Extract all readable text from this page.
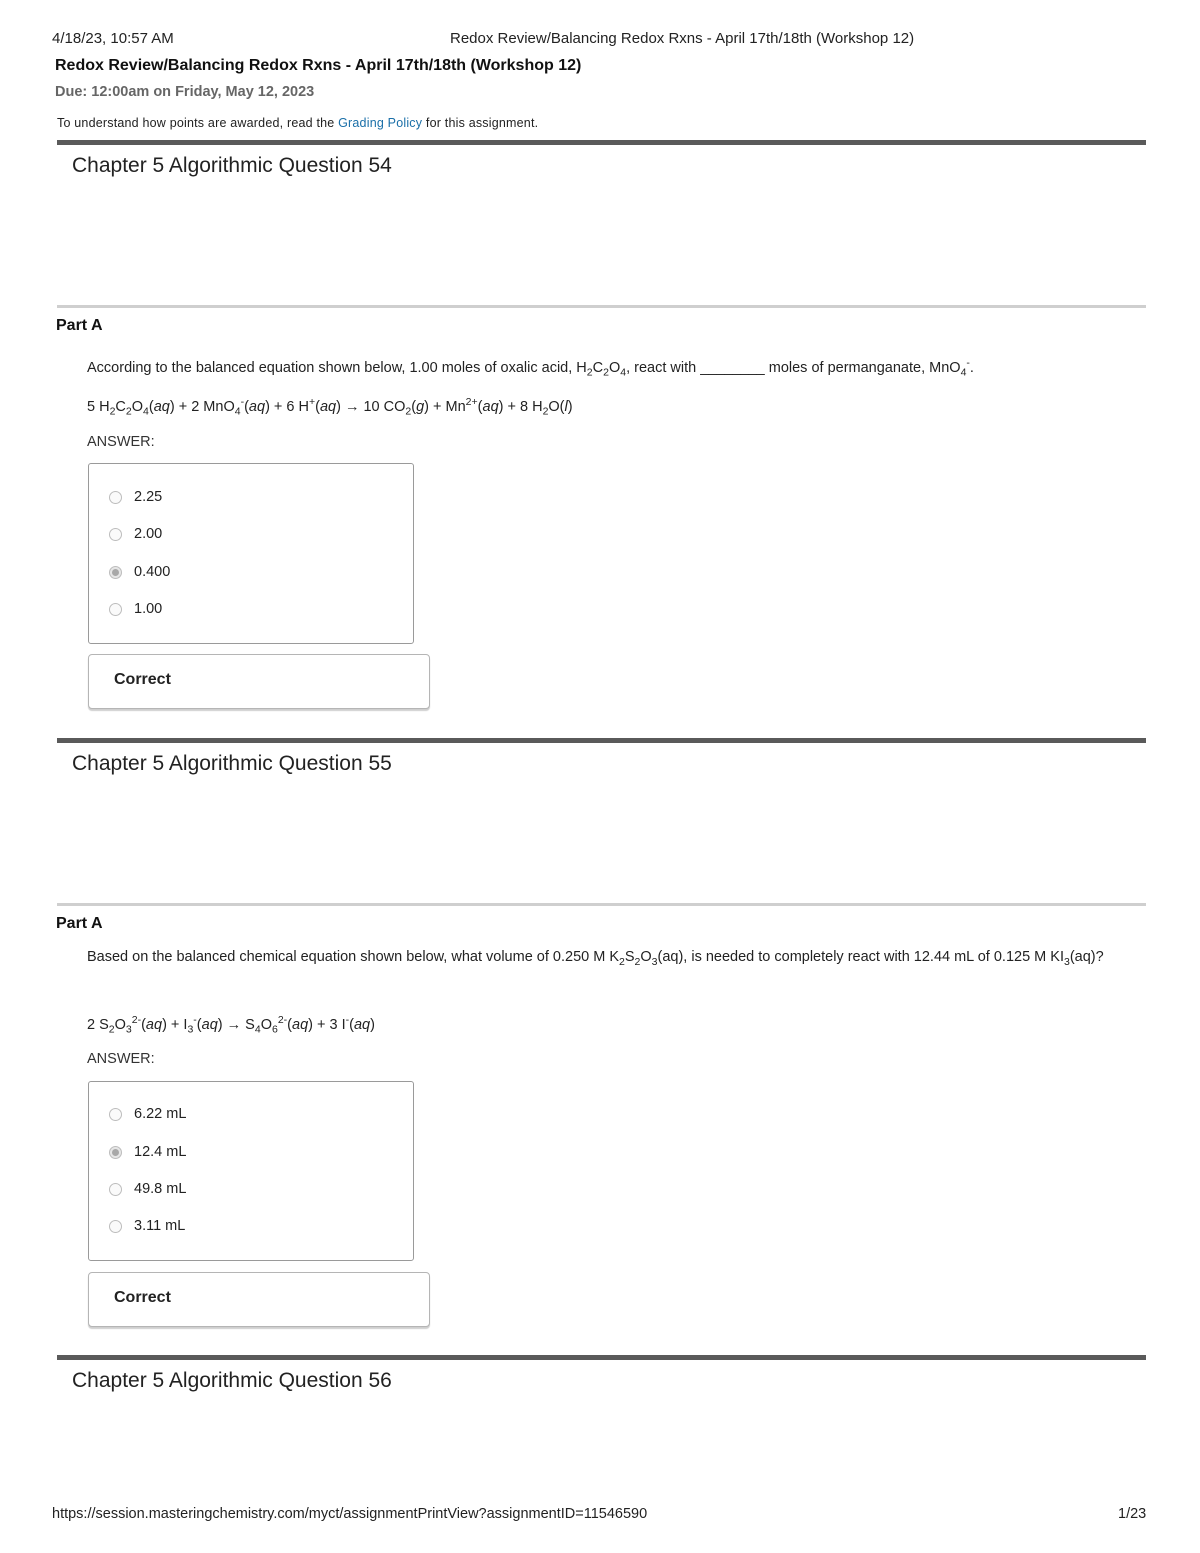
4/18/23, 10:57 AM	Redox Review/Balancing Redox Rxns - April 17th/18th (Workshop 12)
Redox Review/Balancing Redox Rxns - April 17th/18th (Workshop 12)
Due: 12:00am on Friday, May 12, 2023
To understand how points are awarded, read the Grading Policy for this assignment.
Chapter 5 Algorithmic Question 54
Part A
According to the balanced equation shown below, 1.00 moles of oxalic acid, $H_2C_2O_4$, react with ________ moles of permanganate, MnO$_4$-.
5 $H_2C_2O_4(aq) + 2$ MnO$_4$-(aq) + 6 H+(aq) → 10 $CO_2(g) + Mn^{2+}(aq) + 8$ $H_2O(l)$
ANSWER:
2.25
2.00
0.400
1.00
Correct
Chapter 5 Algorithmic Question 55
Part A
Based on the balanced chemical equation shown below, what volume of 0.250 M $K_2S_2O_3(aq)$, is needed to completely react with 12.44 mL of 0.125 M $KI_3(aq)$?
2 $S_2O_3^{2-}(aq) + I_3^-(aq) \to S_4O_6^{2-}(aq) + 3$ I-(aq)
ANSWER:
6.22 mL
12.4 mL
49.8 mL
3.11 mL
Correct
Chapter 5 Algorithmic Question 56
https://session.masteringchemistry.com/myct/assignmentPrintView?assignmentID=11546590	1/23
